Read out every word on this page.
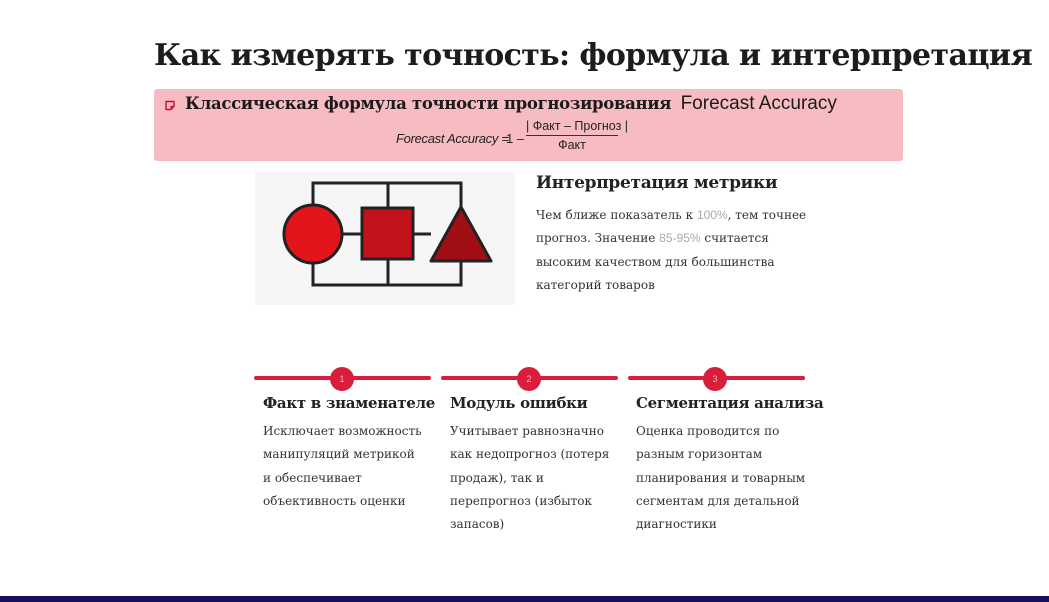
Как измерять точность: формула и интерпретация
Классическая формула точности прогнозирования Forecast Accuracy
Forecast Accuracy =
1 –
| Факт – Прогноз |
Факт
Интерпретация метрики

Чем ближе показатель к 100%, тем точнее прогноз. Значение 85-95% считается высоким качеством для большинства категорий товаров

1	2	3
Факт в знаменателе Модуль ошибки	Сегментация анализа

Исключает возможность манипуляций метрикой и обеспечивает объективность оценки

Учитывает равнозначно как недопрогноз (потеря продаж), так и перепрогноз (избыток запасов)

Оценка проводится по разным горизонтам планирования и товарным сегментам для детальной диагностики
